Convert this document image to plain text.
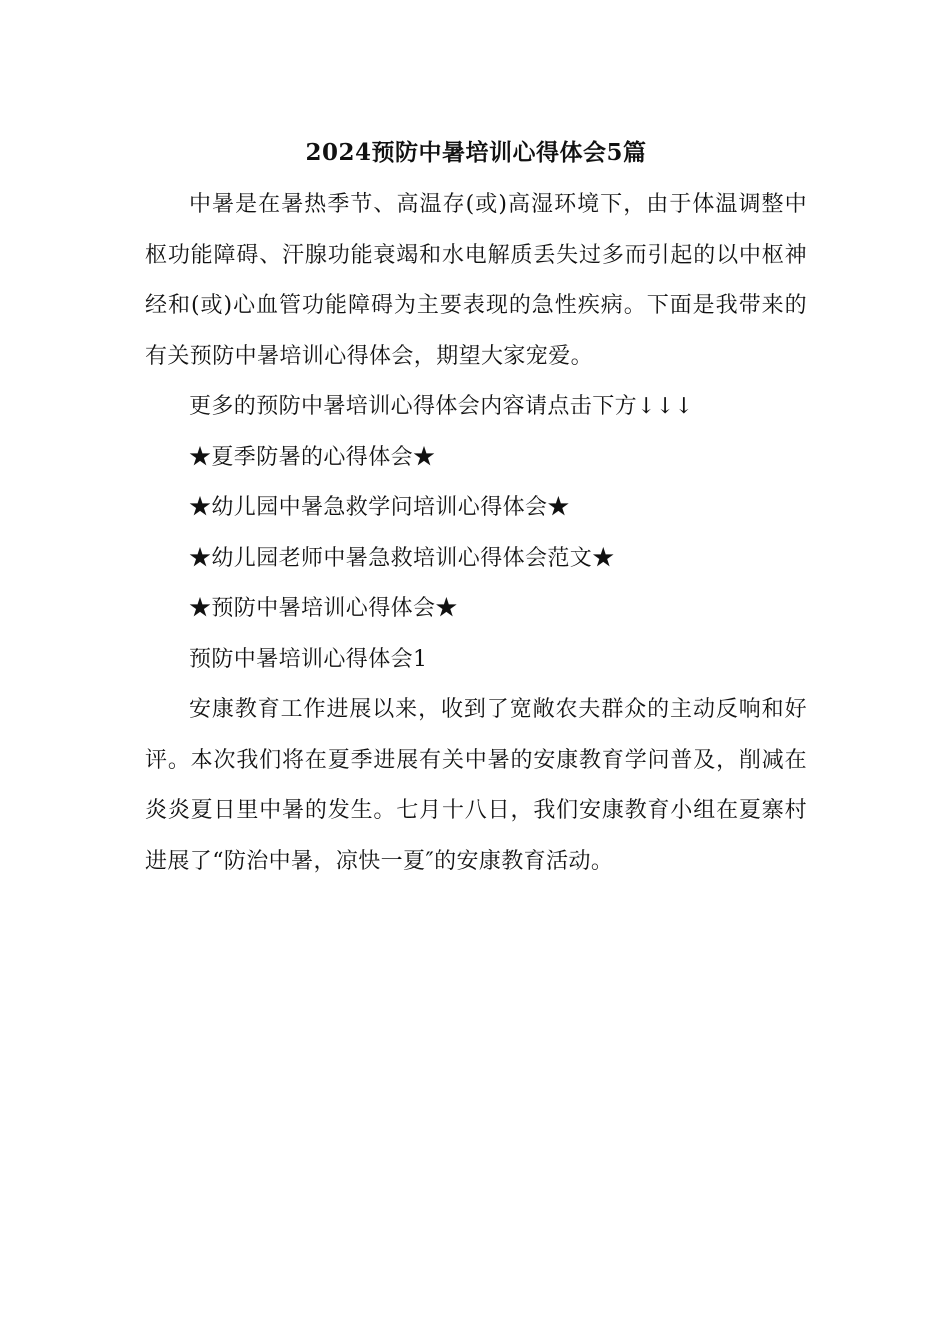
2024预防中暑培训心得体会5篇

中暑是在暑热季节、高温存(或)高湿环境下，由于体温调整中枢功能障碍、汗腺功能衰竭和水电解质丢失过多而引起的以中枢神经和(或)心血管功能障碍为主要表现的急性疾病。下面是我带来的有关预防中暑培训心得体会，期望大家宠爱。

更多的预防中暑培训心得体会内容请点击下方↓↓↓
★夏季防暑的心得体会★
★幼儿园中暑急救学问培训心得体会★
★幼儿园老师中暑急救培训心得体会范文★
★预防中暑培训心得体会★
预防中暑培训心得体会1

安康教育工作进展以来，收到了宽敞农夫群众的主动反响和好评。本次我们将在夏季进展有关中暑的安康教育学问普及，削减在炎炎夏日里中暑的发生。七月十八日，我们安康教育小组在夏寨村进展了“防治中暑，凉快一夏″的安康教育活动。
